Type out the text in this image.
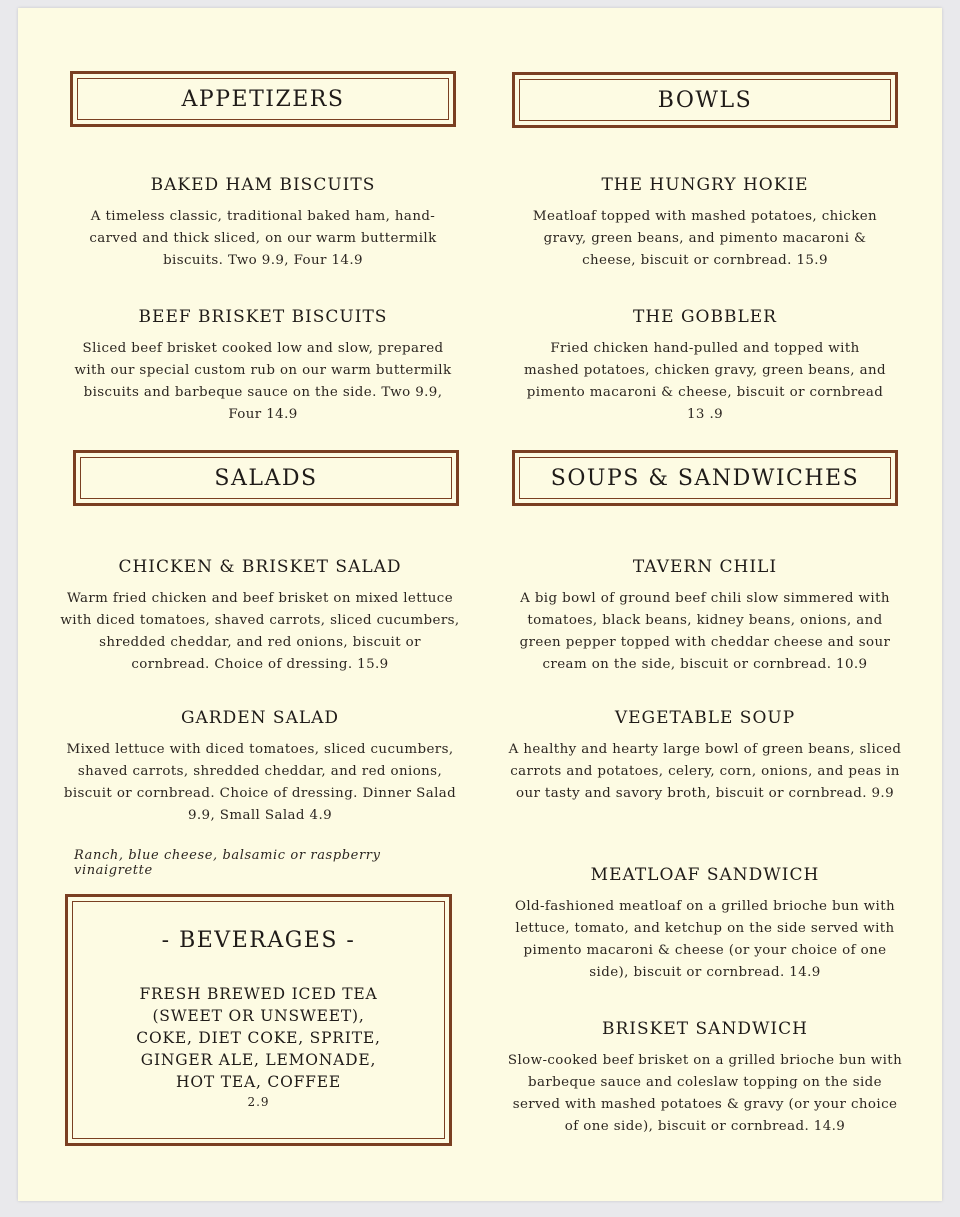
APPETIZERS
BAKED HAM BISCUITS
A timeless classic, traditional baked ham, hand-carved and thick sliced, on our warm buttermilk biscuits. Two 9.9, Four 14.9
BEEF BRISKET BISCUITS
Sliced beef brisket cooked low and slow, prepared with our special custom rub on our warm buttermilk biscuits and barbeque sauce on the side. Two 9.9, Four 14.9
SALADS
CHICKEN & BRISKET SALAD
Warm fried chicken and beef brisket on mixed lettuce with diced tomatoes, shaved carrots, sliced cucumbers, shredded cheddar, and red onions, biscuit or cornbread. Choice of dressing. 15.9
GARDEN SALAD
Mixed lettuce with diced tomatoes, sliced cucumbers, shaved carrots, shredded cheddar, and red onions, biscuit or cornbread. Choice of dressing. Dinner Salad 9.9, Small Salad 4.9
Ranch, blue cheese, balsamic or raspberry vinaigrette
- BEVERAGES -
FRESH BREWED ICED TEA
(SWEET OR UNSWEET),
COKE, DIET COKE, SPRITE,
GINGER ALE, LEMONADE,
HOT TEA, COFFEE
2.9
BOWLS
THE HUNGRY HOKIE
Meatloaf topped with mashed potatoes, chicken gravy, green beans, and pimento macaroni & cheese, biscuit or cornbread. 15.9
THE GOBBLER
Fried chicken hand-pulled and topped with mashed potatoes, chicken gravy, green beans, and pimento macaroni & cheese, biscuit or cornbread 13 .9
SOUPS & SANDWICHES
TAVERN CHILI
A big bowl of ground beef chili slow simmered with tomatoes, black beans, kidney beans, onions, and green pepper topped with cheddar cheese and sour cream on the side, biscuit or cornbread. 10.9
VEGETABLE SOUP
A healthy and hearty large bowl of green beans, sliced carrots and potatoes, celery, corn, onions, and peas in our tasty and savory broth, biscuit or cornbread. 9.9
MEATLOAF SANDWICH
Old-fashioned meatloaf on a grilled brioche bun with lettuce, tomato, and ketchup on the side served with pimento macaroni & cheese (or your choice of one side), biscuit or cornbread. 14.9
BRISKET SANDWICH
Slow-cooked beef brisket on a grilled brioche bun with barbeque sauce and coleslaw topping on the side served with mashed potatoes & gravy (or your choice of one side), biscuit or cornbread. 14.9
